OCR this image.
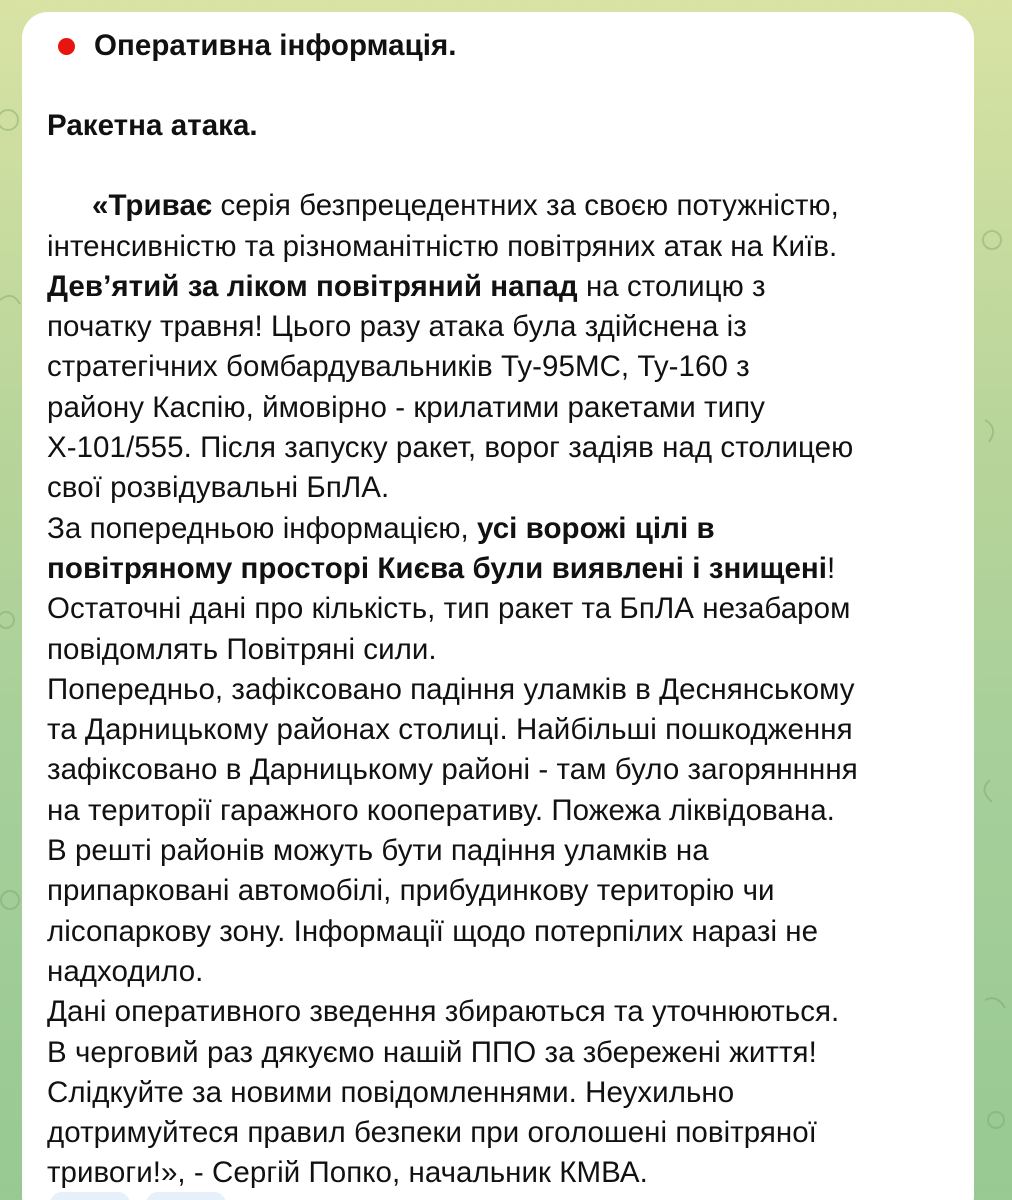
Оперативна інформація.
Ракетна атака.
«Триває серія безпрецедентних за своєю потужністю,
інтенсивністю та різноманітністю повітряних атак на Київ.
Дев’ятий за ліком повітряний напад на столицю з
початку травня! Цього разу атака була здійснена із
стратегічних бомбардувальників Ту-95МС, Ту-160 з
району Каспію, ймовірно - крилатими ракетами типу
Х-101/555. Після запуску ракет, ворог задіяв над столицею
свої розвідувальні БпЛА.
За попередньою інформацією, усі ворожі цілі в
повітряному просторі Києва були виявлені і знищені!
Остаточні дані про кількість, тип ракет та БпЛА незабаром
повідомлять Повітряні сили.
Попередньо, зафіксовано падіння уламків в Деснянському
та Дарницькому районах столиці. Найбільші пошкодження
зафіксовано в Дарницькому районі - там було загоряннння
на території гаражного кооперативу. Пожежа ліквідована.
В решті районів можуть бути падіння уламків на
припарковані автомобілі, прибудинкову територію чи
лісопаркову зону. Інформації щодо потерпілих наразі не
надходило.
Дані оперативного зведення збираються та уточнюються.
В черговий раз дякуємо нашій ППО за збережені життя!
Слідкуйте за новими повідомленнями. Неухильно
дотримуйтеся правил безпеки при оголошені повітряної
тривоги!», - Сергій Попко, начальник КМВА.
